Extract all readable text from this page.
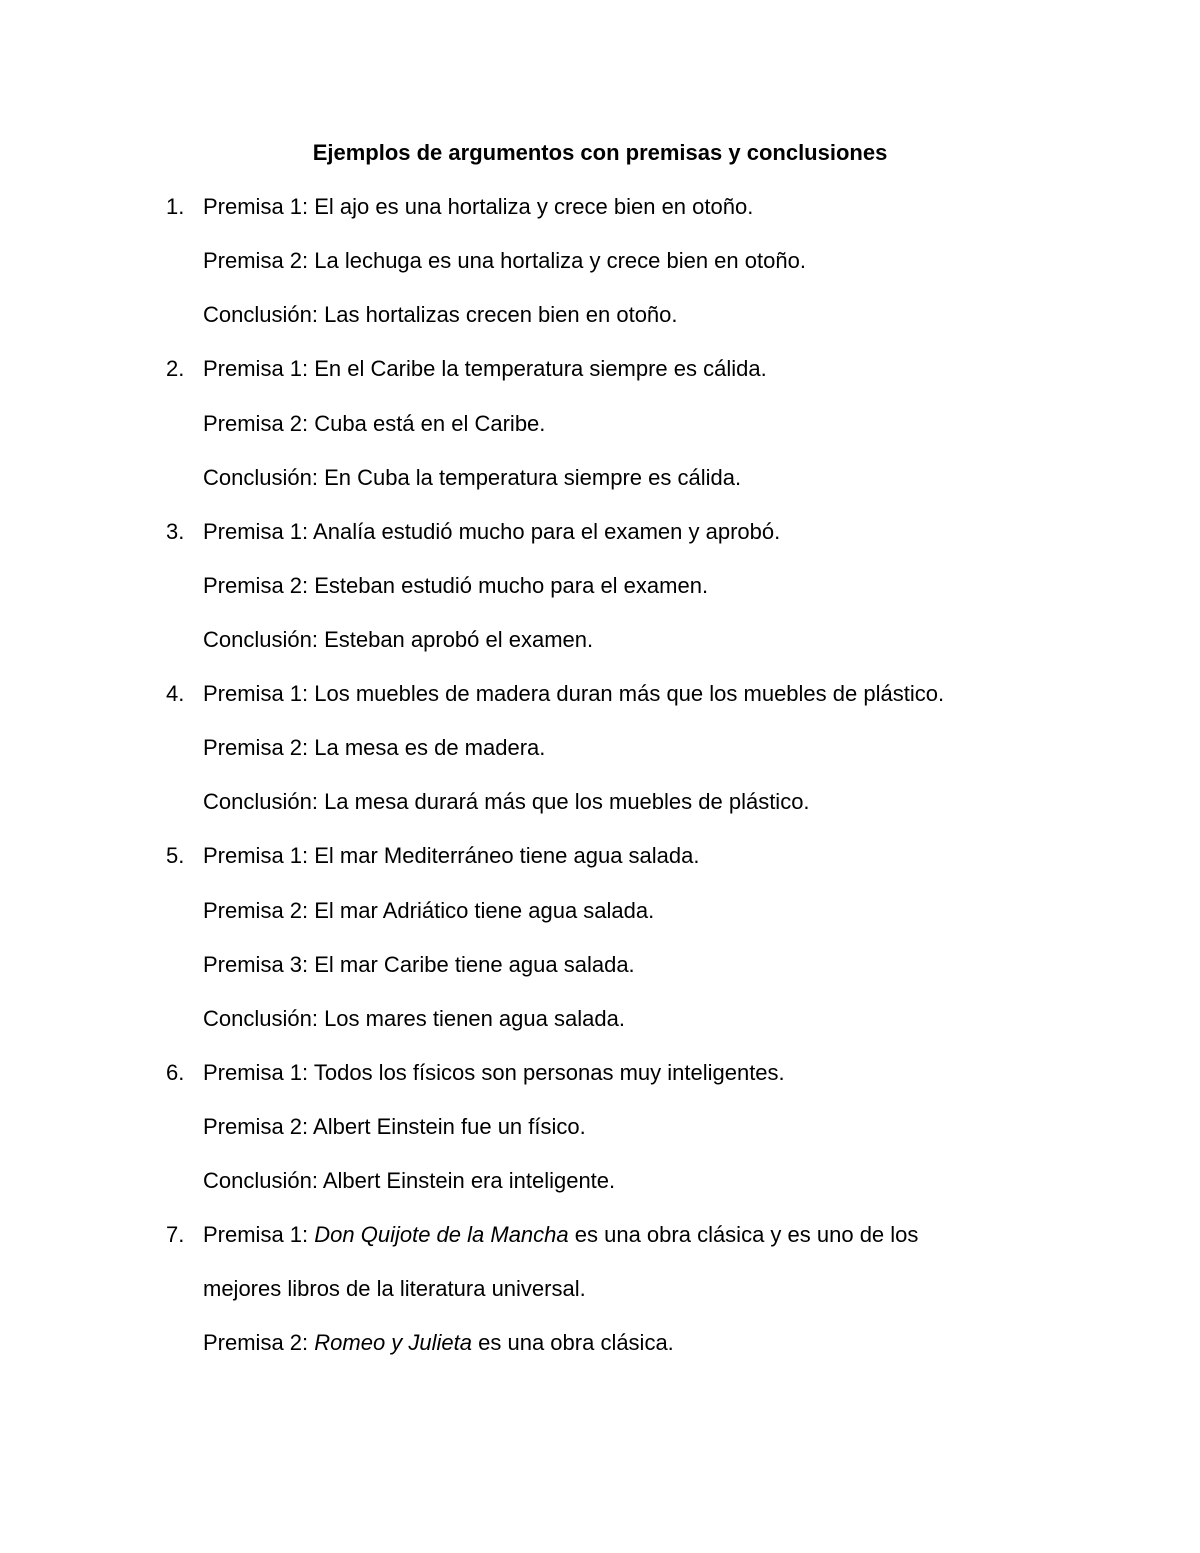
Ejemplos de argumentos con premisas y conclusiones
1. Premisa 1: El ajo es una hortaliza y crece bien en otoño.
Premisa 2: La lechuga es una hortaliza y crece bien en otoño.
Conclusión: Las hortalizas crecen bien en otoño.
2. Premisa 1: En el Caribe la temperatura siempre es cálida.
Premisa 2: Cuba está en el Caribe.
Conclusión: En Cuba la temperatura siempre es cálida.
3. Premisa 1: Analía estudió mucho para el examen y aprobó.
Premisa 2: Esteban estudió mucho para el examen.
Conclusión: Esteban aprobó el examen.
4. Premisa 1: Los muebles de madera duran más que los muebles de plástico.
Premisa 2: La mesa es de madera.
Conclusión: La mesa durará más que los muebles de plástico.
5. Premisa 1: El mar Mediterráneo tiene agua salada.
Premisa 2: El mar Adriático tiene agua salada.
Premisa 3: El mar Caribe tiene agua salada.
Conclusión: Los mares tienen agua salada.
6. Premisa 1: Todos los físicos son personas muy inteligentes.
Premisa 2: Albert Einstein fue un físico.
Conclusión: Albert Einstein era inteligente.
7. Premisa 1: Don Quijote de la Mancha es una obra clásica y es uno de los
mejores libros de la literatura universal.
Premisa 2: Romeo y Julieta es una obra clásica.
